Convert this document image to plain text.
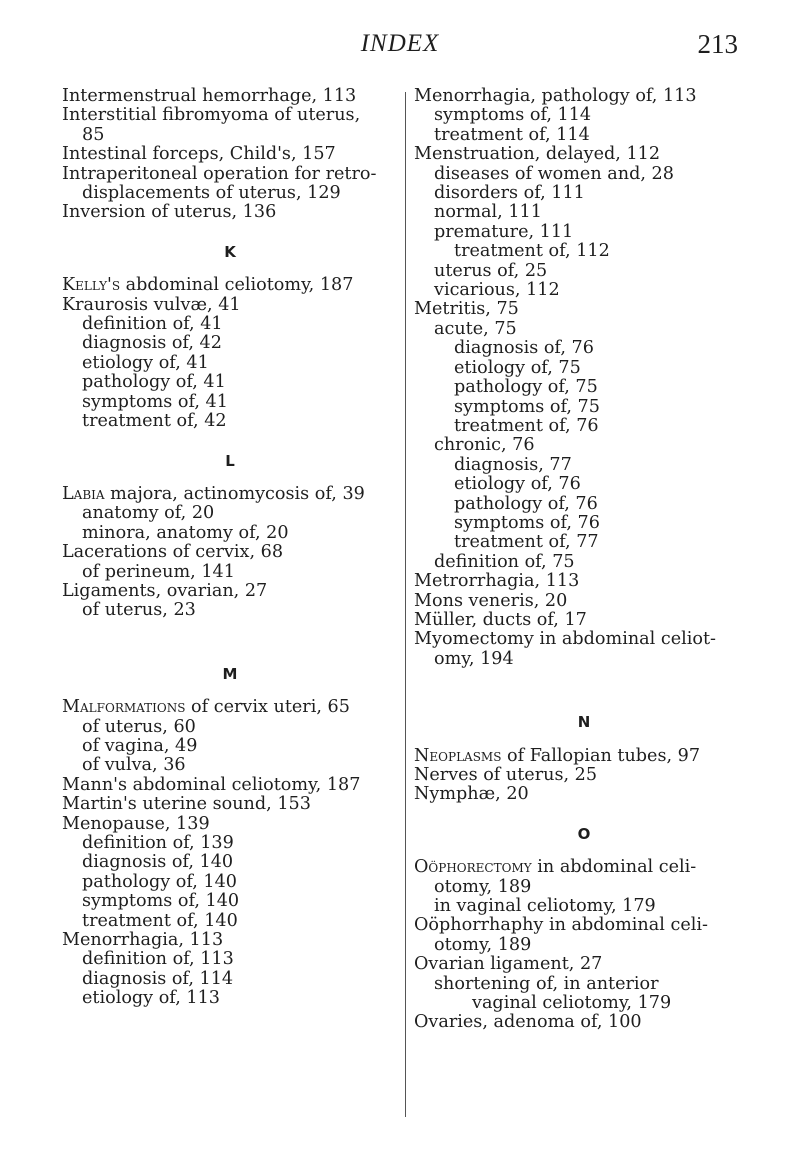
INDEX	213
Intermenstrual hemorrhage, 113
Interstitial fibromyoma of uterus,
85
Intestinal forceps, Child's, 157
Intraperitoneal operation for retro-
displacements of uterus, 129
Inversion of uterus, 136
K
Kelly's abdominal celiotomy, 187
Kraurosis vulvæ, 41
definition of, 41
diagnosis of, 42
etiology of, 41
pathology of, 41
symptoms of, 41
treatment of, 42
L
Labia majora, actinomycosis of, 39
anatomy of, 20
minora, anatomy of, 20
Lacerations of cervix, 68
of perineum, 141
Ligaments, ovarian, 27
of uterus, 23
M
Malformations of cervix uteri, 65
of uterus, 60
of vagina, 49
of vulva, 36
Mann's abdominal celiotomy, 187
Martin's uterine sound, 153
Menopause, 139
definition of, 139
diagnosis of, 140
pathology of, 140
symptoms of, 140
treatment of, 140
Menorrhagia, 113
definition of, 113
diagnosis of, 114
etiology of, 113
Menorrhagia, pathology of, 113
symptoms of, 114
treatment of, 114
Menstruation, delayed, 112
diseases of women and, 28
disorders of, 111
normal, 111
premature, 111
treatment of, 112
uterus of, 25
vicarious, 112
Metritis, 75
acute, 75
diagnosis of, 76
etiology of, 75
pathology of, 75
symptoms of, 75
treatment of, 76
chronic, 76
diagnosis, 77
etiology of, 76
pathology of, 76
symptoms of, 76
treatment of, 77
definition of, 75
Metrorrhagia, 113
Mons veneris, 20
Müller, ducts of, 17
Myomectomy in abdominal celiot-
omy, 194
N
Neoplasms of Fallopian tubes, 97
Nerves of uterus, 25
Nymphæ, 20
O
Oöphorectomy in abdominal celi-
otomy, 189
in vaginal celiotomy, 179
Oöphorrhaphy in abdominal celi-
otomy, 189
Ovarian ligament, 27
shortening of, in anterior
vaginal celiotomy, 179
Ovaries, adenoma of, 100
